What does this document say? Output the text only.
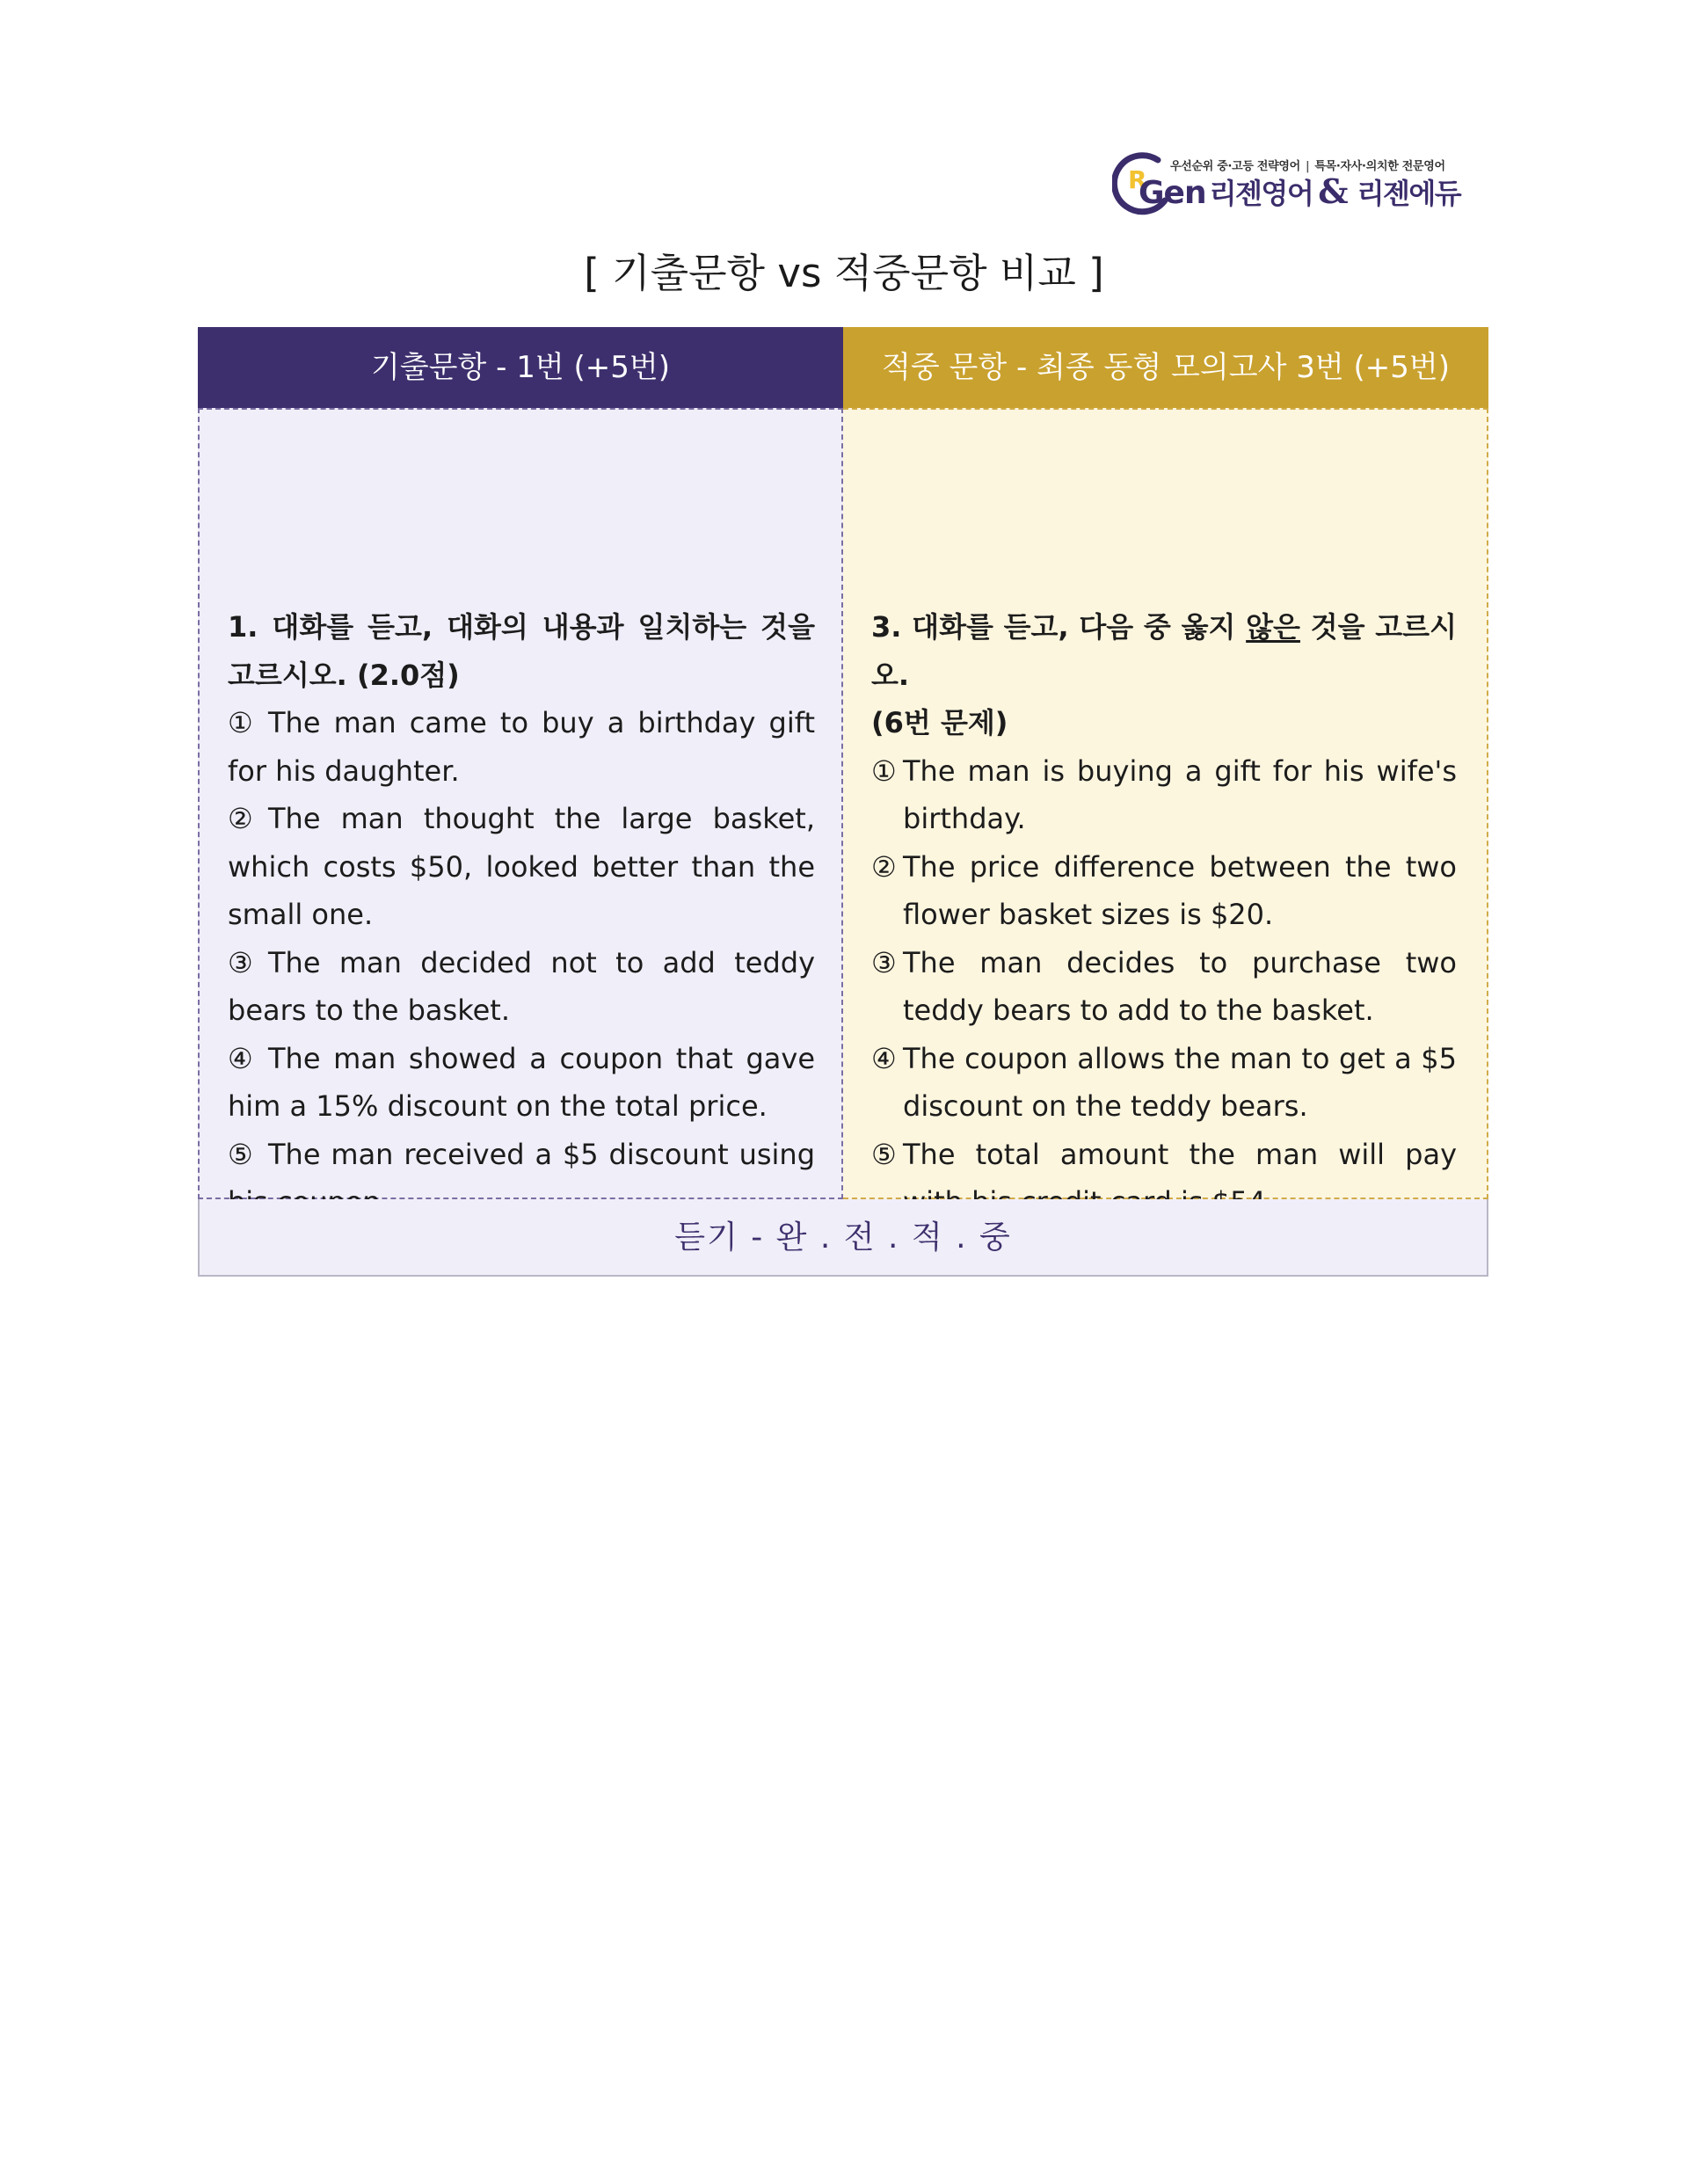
R 우선순위 중·고등 전략영어 | 특목·자사·의치한 전문영어
Gen 리젠영어 & 리젠에듀
[ 기출문항 vs 적중문항 비교 ]
기출문항 - 1번 (+5번)	적중 문항 - 최종 동형 모의고사 3번 (+5번)
1. 대화를 듣고, 대화의 내용과 일치하는 것을 고르시오. (2.0점)
① The man came to buy a birthday gift for his daughter.
② The man thought the large basket, which costs $50, looked better than the small one.
③ The man decided not to add teddy bears to the basket.
④ The man showed a coupon that gave him a 15% discount on the total price.
⑤ The man received a $5 discount using
3. 대화를 듣고, 다음 중 옳지 않은 것을 고르시오.
(6번 문제)
① The man is buying a gift for his wife's birthday.
② The price difference between the two flower basket sizes is $20.
③ The man decides to purchase two teddy bears to add to the basket.
④ The coupon allows the man to get a $5 discount on the teddy bears.
⑤ The total amount the man will pay
듣기 - 완 . 전 . 적 . 중
